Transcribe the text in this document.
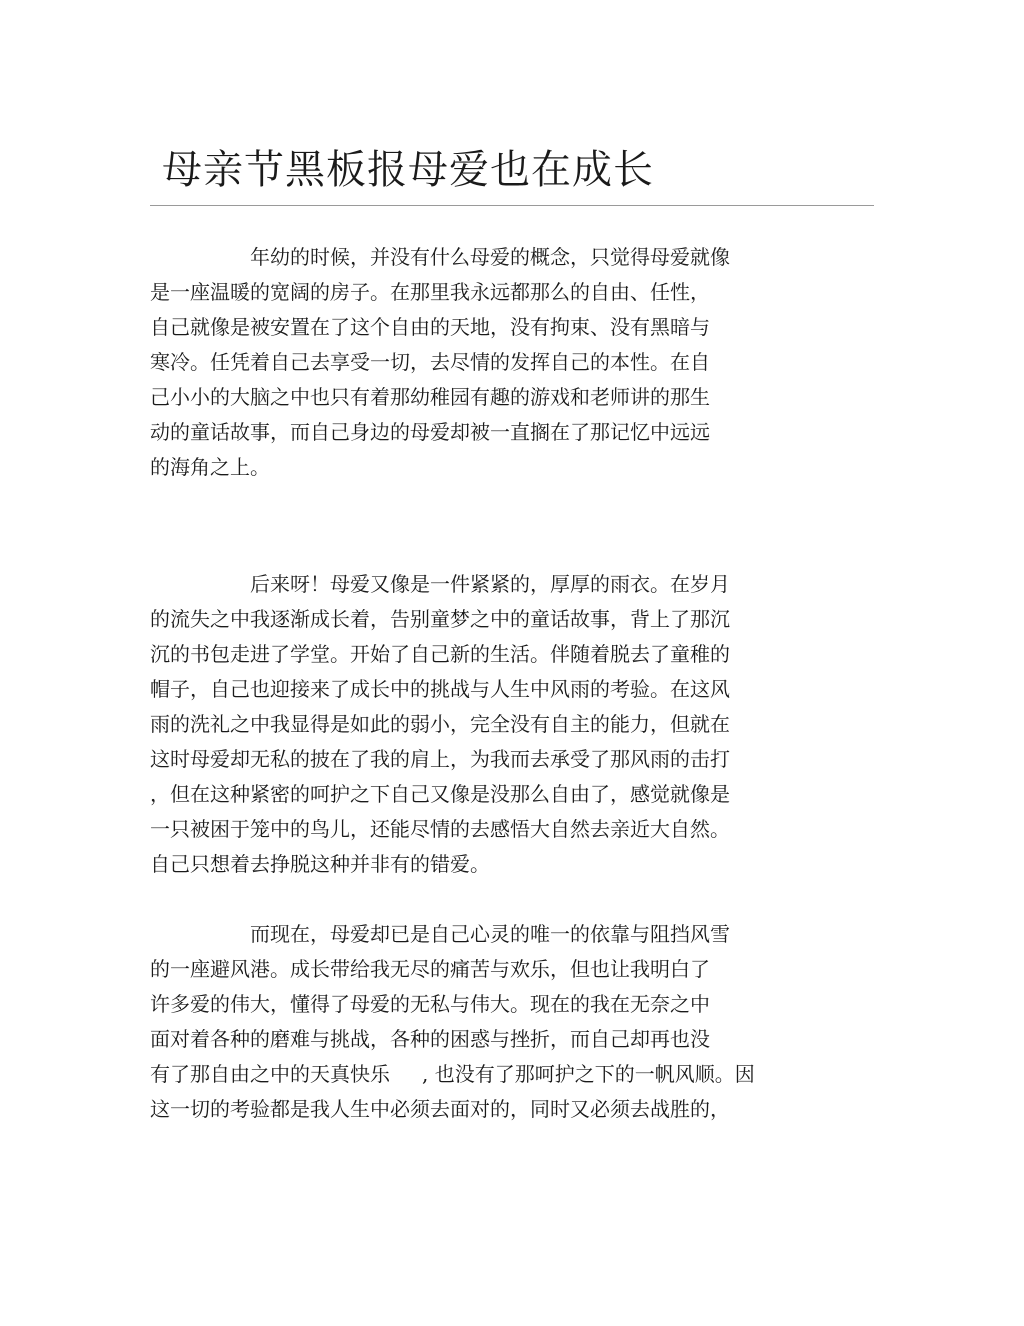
母亲节黑板报母爱也在成长
年幼的时候，并没有什么母爱的概念，只觉得母爱就像
是一座温暖的宽阔的房子。在那里我永远都那么的自由、任性，
自己就像是被安置在了这个自由的天地，没有拘束、没有黑暗与
寒冷。任凭着自己去享受一切，去尽情的发挥自己的本性。在自
己小小的大脑之中也只有着那幼稚园有趣的游戏和老师讲的那生
动的童话故事，而自己身边的母爱却被一直搁在了那记忆中远远
的海角之上。
后来呀！母爱又像是一件紧紧的，厚厚的雨衣。在岁月
的流失之中我逐渐成长着，告别童梦之中的童话故事，背上了那沉
沉的书包走进了学堂。开始了自己新的生活。伴随着脱去了童稚的
帽子，自己也迎接来了成长中的挑战与人生中风雨的考验。在这风
雨的洗礼之中我显得是如此的弱小，完全没有自主的能力，但就在
这时母爱却无私的披在了我的肩上，为我而去承受了那风雨的击打
，但在这种紧密的呵护之下自己又像是没那么自由了，感觉就像是
一只被困于笼中的鸟儿，还能尽情的去感悟大自然去亲近大自然。
自己只想着去挣脱这种并非有的错爱。
而现在，母爱却已是自己心灵的唯一的依靠与阻挡风雪
的一座避风港。成长带给我无尽的痛苦与欢乐，但也让我明白了
许多爱的伟大，懂得了母爱的无私与伟大。现在的我在无奈之中
面对着各种的磨难与挑战，各种的困惑与挫折，而自己却再也没
有了那自由之中的天真快乐 , 也没有了那呵护之下的一帆风顺。因
这一切的考验都是我人生中必须去面对的，同时又必须去战胜的，
